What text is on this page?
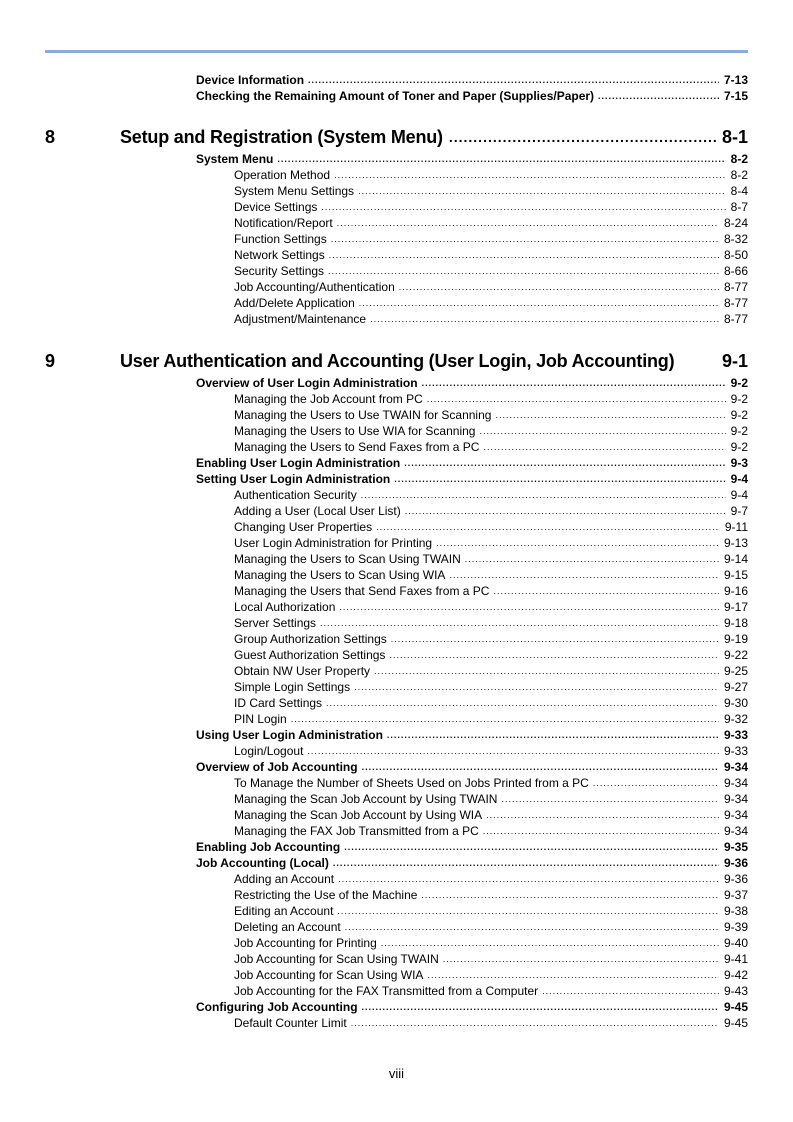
Device Information .....	7-13
Checking the Remaining Amount of Toner and Paper (Supplies/Paper) .....	7-15
8	Setup and Registration (System Menu) .....	8-1
System Menu .....	8-2
Operation Method .....	8-2
System Menu Settings .....	8-4
Device Settings .....	8-7
Notification/Report .....	8-24
Function Settings .....	8-32
Network Settings .....	8-50
Security Settings .....	8-66
Job Accounting/Authentication .....	8-77
Add/Delete Application .....	8-77
Adjustment/Maintenance .....	8-77
9	User Authentication and Accounting (User Login, Job Accounting)	9-1
Overview of User Login Administration .....	9-2
Managing the Job Account from PC .....	9-2
Managing the Users to Use TWAIN for Scanning .....	9-2
Managing the Users to Use WIA for Scanning .....	9-2
Managing the Users to Send Faxes from a PC .....	9-2
Enabling User Login Administration .....	9-3
Setting User Login Administration .....	9-4
Authentication Security .....	9-4
Adding a User (Local User List) .....	9-7
Changing User Properties .....	9-11
User Login Administration for Printing .....	9-13
Managing the Users to Scan Using TWAIN .....	9-14
Managing the Users to Scan Using WIA .....	9-15
Managing the Users that Send Faxes from a PC .....	9-16
Local Authorization .....	9-17
Server Settings .....	9-18
Group Authorization Settings .....	9-19
Guest Authorization Settings .....	9-22
Obtain NW User Property .....	9-25
Simple Login Settings .....	9-27
ID Card Settings .....	9-30
PIN Login .....	9-32
Using User Login Administration .....	9-33
Login/Logout .....	9-33
Overview of Job Accounting .....	9-34
To Manage the Number of Sheets Used on Jobs Printed from a PC .....	9-34
Managing the Scan Job Account by Using TWAIN .....	9-34
Managing the Scan Job Account by Using WIA .....	9-34
Managing the FAX Job Transmitted from a PC .....	9-34
Enabling Job Accounting .....	9-35
Job Accounting (Local) .....	9-36
Adding an Account .....	9-36
Restricting the Use of the Machine .....	9-37
Editing an Account .....	9-38
Deleting an Account .....	9-39
Job Accounting for Printing .....	9-40
Job Accounting for Scan Using TWAIN .....	9-41
Job Accounting for Scan Using WIA .....	9-42
Job Accounting for the FAX Transmitted from a Computer .....	9-43
Configuring Job Accounting .....	9-45
Default Counter Limit .....	9-45
viii
